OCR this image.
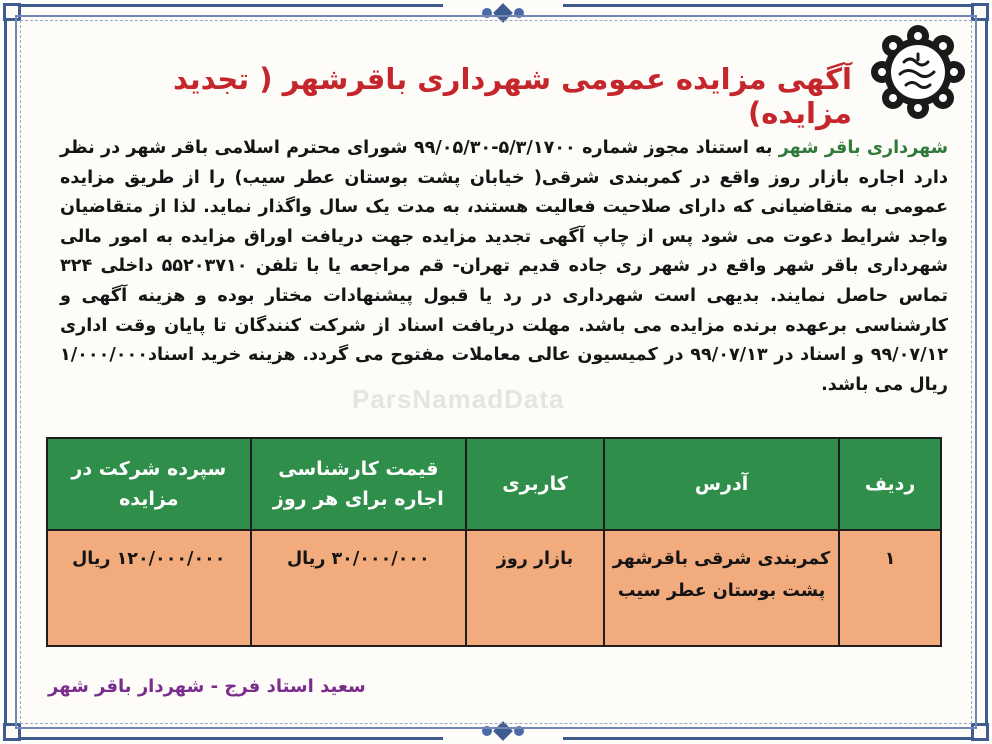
آگهی مزایده عمومی شهرداری باقرشهر ( تجدید مزایده)
شهرداری باقر شهر به استناد مجوز شماره ۵/۳/۱۷۰۰-۹۹/۰۵/۳۰ شورای محترم اسلامی باقر شهر در نظر دارد اجاره بازار روز واقع در کمربندی شرقی( خیابان پشت بوستان عطر سیب) را از طریق مزایده عمومی به متقاضیانی که دارای صلاحیت فعالیت هستند، به مدت یک سال واگذار نماید. لذا از متقاضیان واجد شرایط دعوت می شود پس از چاپ آگهی تجدید مزایده جهت دریافت اوراق مزایده به امور مالی شهرداری باقر شهر واقع در شهر ری جاده قدیم تهران- قم مراجعه یا با تلفن ۵۵۲۰۳۷۱۰ داخلی ۳۲۴ تماس حاصل نمایند. بدیهی است شهرداری در رد یا قبول پیشنهادات مختار بوده و هزینه آگهی و کارشناسی برعهده برنده مزایده می باشد. مهلت دریافت اسناد از شرکت کنندگان تا پایان وقت اداری ۹۹/۰۷/۱۲ و اسناد در ۹۹/۰۷/۱۳ در کمیسیون عالی معاملات مفتوح می گردد. هزینه خرید اسناد۱/۰۰۰/۰۰۰ ریال می باشد.
ردیف	آدرس	کاربری	قیمت کارشناسی اجاره برای هر روز	سپرده شرکت در مزایده
۱	کمربندی شرقی باقرشهر پشت بوستان عطر سیب	بازار روز	۳۰/۰۰۰/۰۰۰ ریال	۱۲۰/۰۰۰/۰۰۰ ریال
سعید استاد فرج - شهردار باقر شهر
